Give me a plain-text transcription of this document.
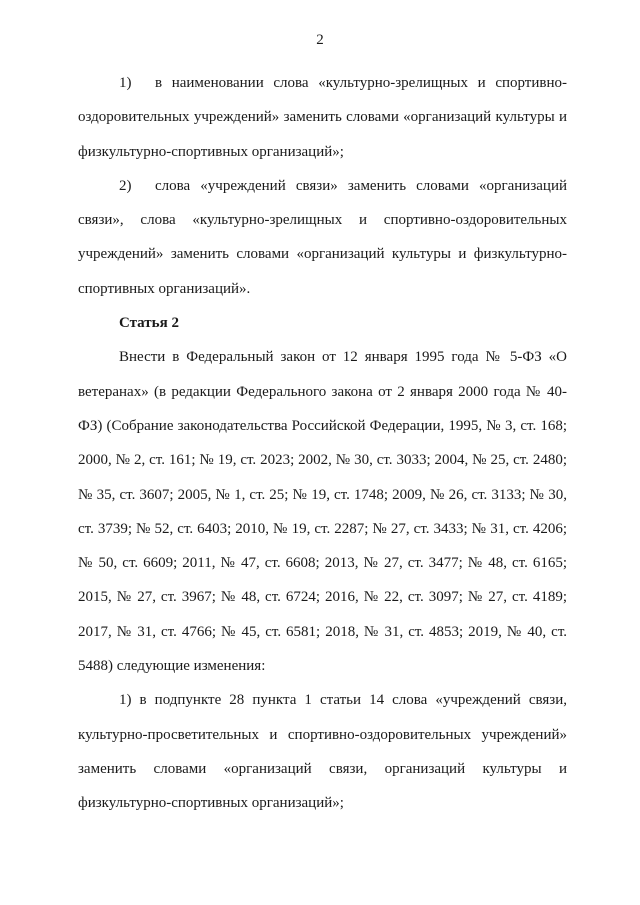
2

1) в наименовании слова «культурно-зрелищных и спортивно-оздоровительных учреждений» заменить словами «организаций культуры и физкультурно-спортивных организаций»;

2) слова «учреждений связи» заменить словами «организаций связи», слова «культурно-зрелищных и спортивно-оздоровительных учреждений» заменить словами «организаций культуры и физкультурно-спортивных организаций».

Статья 2

Внести в Федеральный закон от 12 января 1995 года № 5-ФЗ «О ветеранах» (в редакции Федерального закона от 2 января 2000 года № 40-ФЗ) (Собрание законодательства Российской Федерации, 1995, № 3, ст. 168; 2000, № 2, ст. 161; № 19, ст. 2023; 2002, № 30, ст. 3033; 2004, № 25, ст. 2480; № 35, ст. 3607; 2005, № 1, ст. 25; № 19, ст. 1748; 2009, № 26, ст. 3133; № 30, ст. 3739; № 52, ст. 6403; 2010, № 19, ст. 2287; № 27, ст. 3433; № 31, ст. 4206; № 50, ст. 6609; 2011, № 47, ст. 6608; 2013, № 27, ст. 3477; № 48, ст. 6165; 2015, № 27, ст. 3967; № 48, ст. 6724; 2016, № 22, ст. 3097; № 27, ст. 4189; 2017, № 31, ст. 4766; № 45, ст. 6581; 2018, № 31, ст. 4853; 2019, № 40, ст. 5488) следующие изменения:

1) в подпункте 28 пункта 1 статьи 14 слова «учреждений связи, культурно-просветительных и спортивно-оздоровительных учреждений» заменить словами «организаций связи, организаций культуры и физкультурно-спортивных организаций»;
